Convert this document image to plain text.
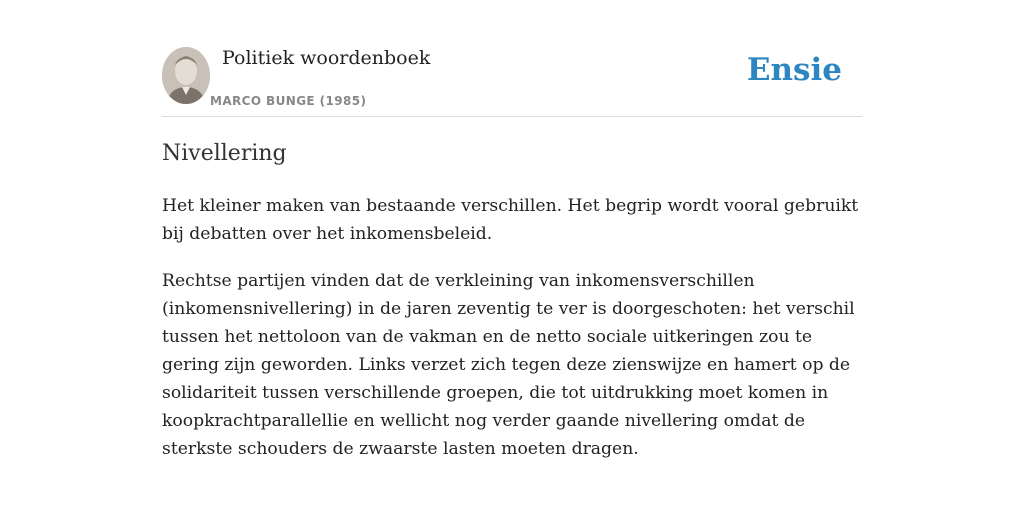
Politiek woordenboek
MARCO BUNGE (1985)
Ensie
Nivellering

Het kleiner maken van bestaande verschillen. Het begrip wordt vooral gebruikt bij debatten over het inkomensbeleid.

Rechtse partijen vinden dat de verkleining van inkomensverschillen (inkomensnivellering) in de jaren zeventig te ver is doorgeschoten: het verschil tussen het nettoloon van de vakman en de netto sociale uitkeringen zou te gering zijn geworden. Links verzet zich tegen deze zienswijze en hamert op de solidariteit tussen verschillende groepen, die tot uitdrukking moet komen in koopkrachtparallellie en wellicht nog verder gaande nivellering omdat de sterkste schouders de zwaarste lasten moeten dragen.
